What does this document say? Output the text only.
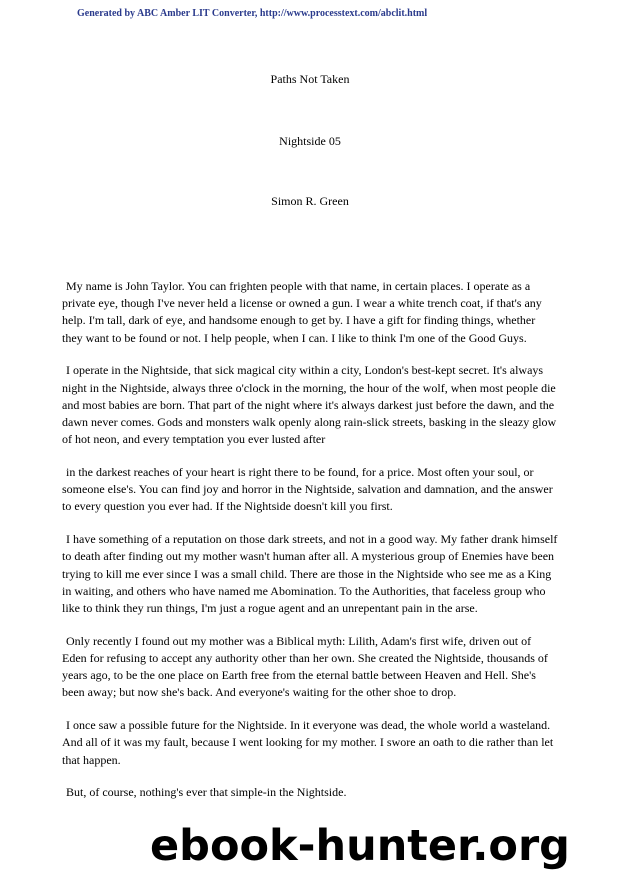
Generated by ABC Amber LIT Converter, http://www.processtext.com/abclit.html
Paths Not Taken
Nightside 05
Simon R. Green

My name is John Taylor. You can frighten people with that name, in certain places. I operate as a private eye, though I've never held a license or owned a gun. I wear a white trench coat, if that's any help. I'm tall, dark of eye, and handsome enough to get by. I have a gift for finding things, whether they want to be found or not. I help people, when I can. I like to think I'm one of the Good Guys.

I operate in the Nightside, that sick magical city within a city, London's best-kept secret. It's always night in the Nightside, always three o'clock in the morning, the hour of the wolf, when most people die and most babies are born. That part of the night where it's always darkest just before the dawn, and the dawn never comes. Gods and monsters walk openly along rain-slick streets, basking in the sleazy glow of hot neon, and every temptation you ever lusted after

in the darkest reaches of your heart is right there to be found, for a price. Most often your soul, or someone else's. You can find joy and horror in the Nightside, salvation and damnation, and the answer to every question you ever had. If the Nightside doesn't kill you first.

I have something of a reputation on those dark streets, and not in a good way. My father drank himself to death after finding out my mother wasn't human after all. A mysterious group of Enemies have been trying to kill me ever since I was a small child. There are those in the Nightside who see me as a King in waiting, and others who have named me Abomination. To the Authorities, that faceless group who like to think they run things, I'm just a rogue agent and an unrepentant pain in the arse.

Only recently I found out my mother was a Biblical myth: Lilith, Adam's first wife, driven out of Eden for refusing to accept any authority other than her own. She created the Nightside, thousands of years ago, to be the one place on Earth free from the eternal battle between Heaven and Hell. She's been away; but now she's back. And everyone's waiting for the other shoe to drop.

I once saw a possible future for the Nightside. In it everyone was dead, the whole world a wasteland. And all of it was my fault, because I went looking for my mother. I swore an oath to die rather than let that happen.

But, of course, nothing's ever that simple-in the Nightside.

ebook-hunter.org
